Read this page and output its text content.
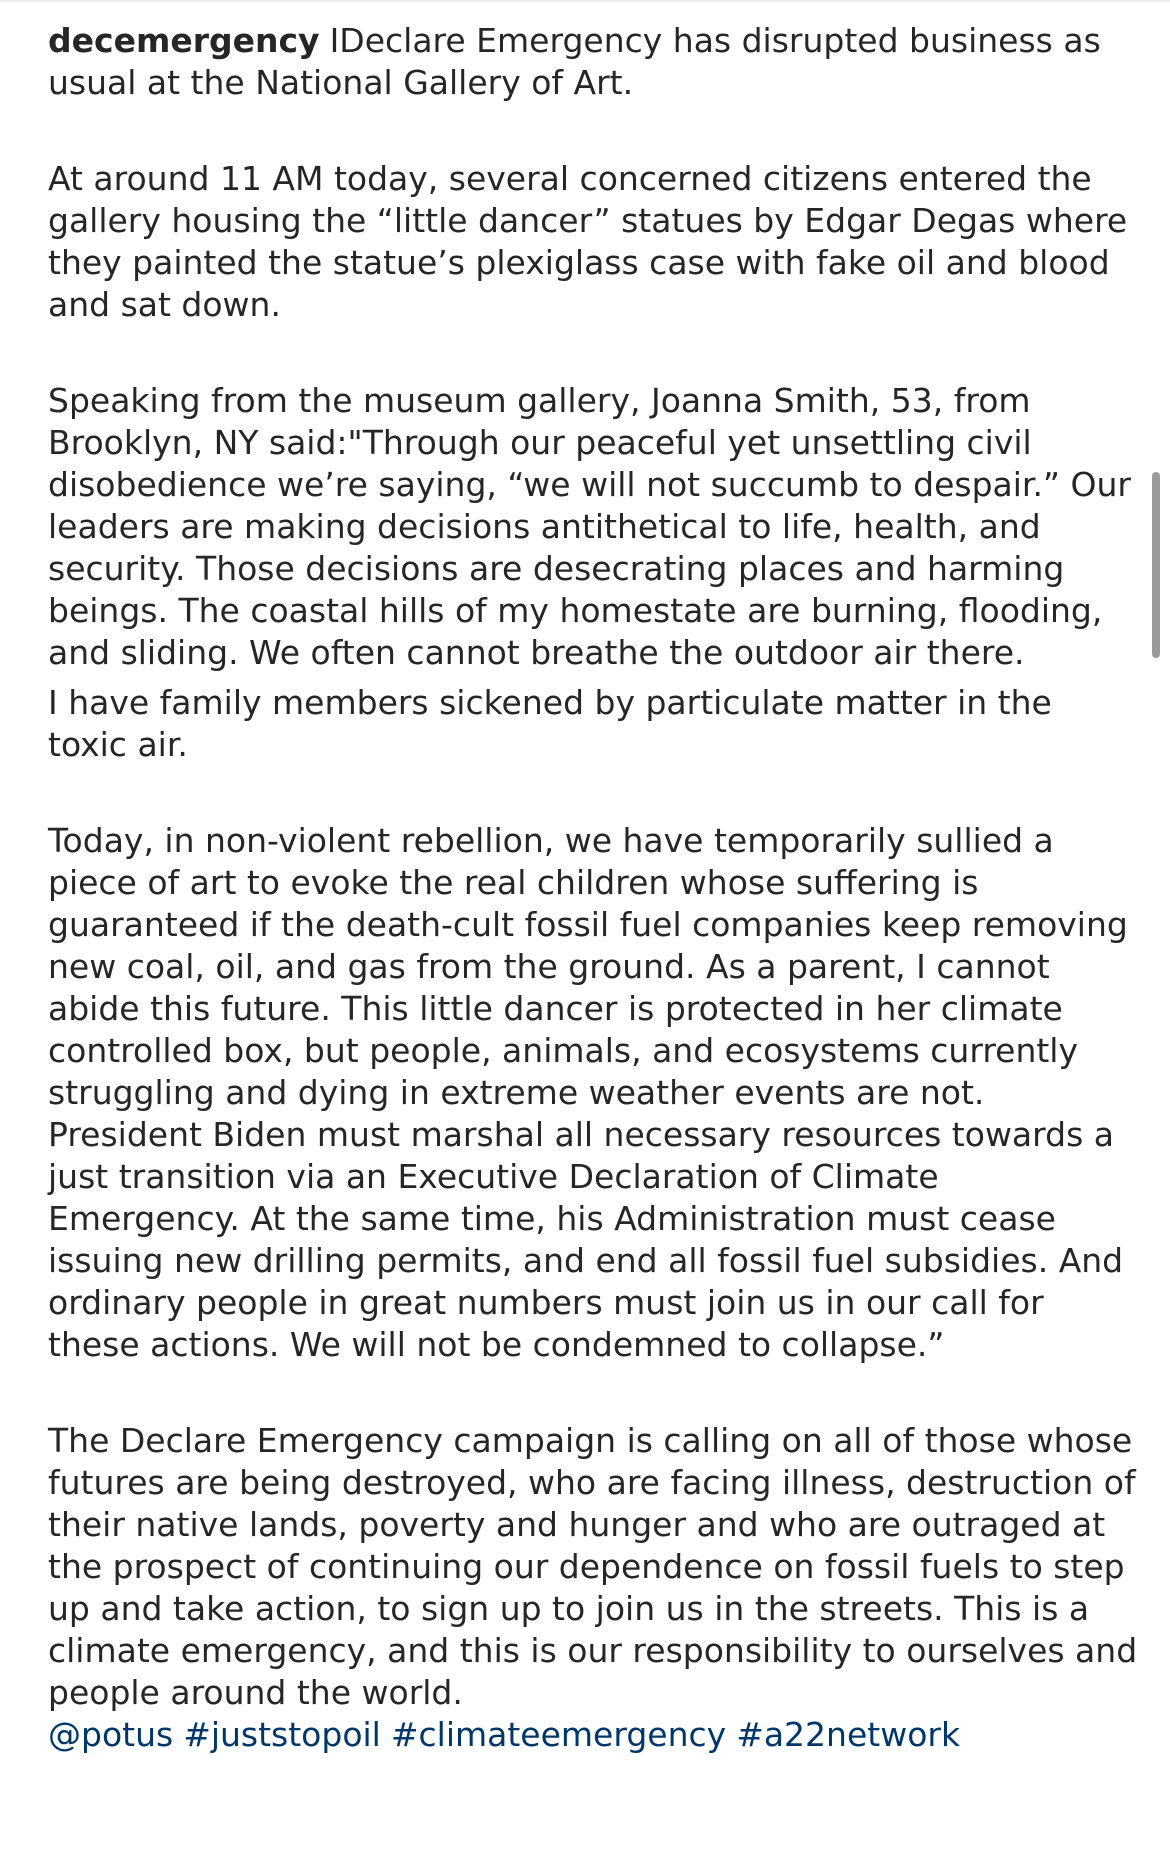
decemergency IDeclare Emergency has disrupted business as usual at the National Gallery of Art.

At around 11 AM today, several concerned citizens entered the gallery housing the “little dancer” statues by Edgar Degas where they painted the statue’s plexiglass case with fake oil and blood and sat down.

Speaking from the museum gallery, Joanna Smith, 53, from Brooklyn, NY said:"Through our peaceful yet unsettling civil disobedience we’re saying, “we will not succumb to despair.” Our leaders are making decisions antithetical to life, health, and security. Those decisions are desecrating places and harming beings. The coastal hills of my homestate are burning, flooding, and sliding. We often cannot breathe the outdoor air there.

I have family members sickened by particulate matter in the toxic air.

Today, in non-violent rebellion, we have temporarily sullied a piece of art to evoke the real children whose suffering is guaranteed if the death-cult fossil fuel companies keep removing new coal, oil, and gas from the ground. As a parent, I cannot abide this future. This little dancer is protected in her climate controlled box, but people, animals, and ecosystems currently struggling and dying in extreme weather events are not. President Biden must marshal all necessary resources towards a just transition via an Executive Declaration of Climate Emergency. At the same time, his Administration must cease issuing new drilling permits, and end all fossil fuel subsidies. And ordinary people in great numbers must join us in our call for these actions. We will not be condemned to collapse.”

The Declare Emergency campaign is calling on all of those whose futures are being destroyed, who are facing illness, destruction of their native lands, poverty and hunger and who are outraged at the prospect of continuing our dependence on fossil fuels to step up and take action, to sign up to join us in the streets. This is a climate emergency, and this is our responsibility to ourselves and people around the world.

@potus #juststopoil #climateemergency #a22network
